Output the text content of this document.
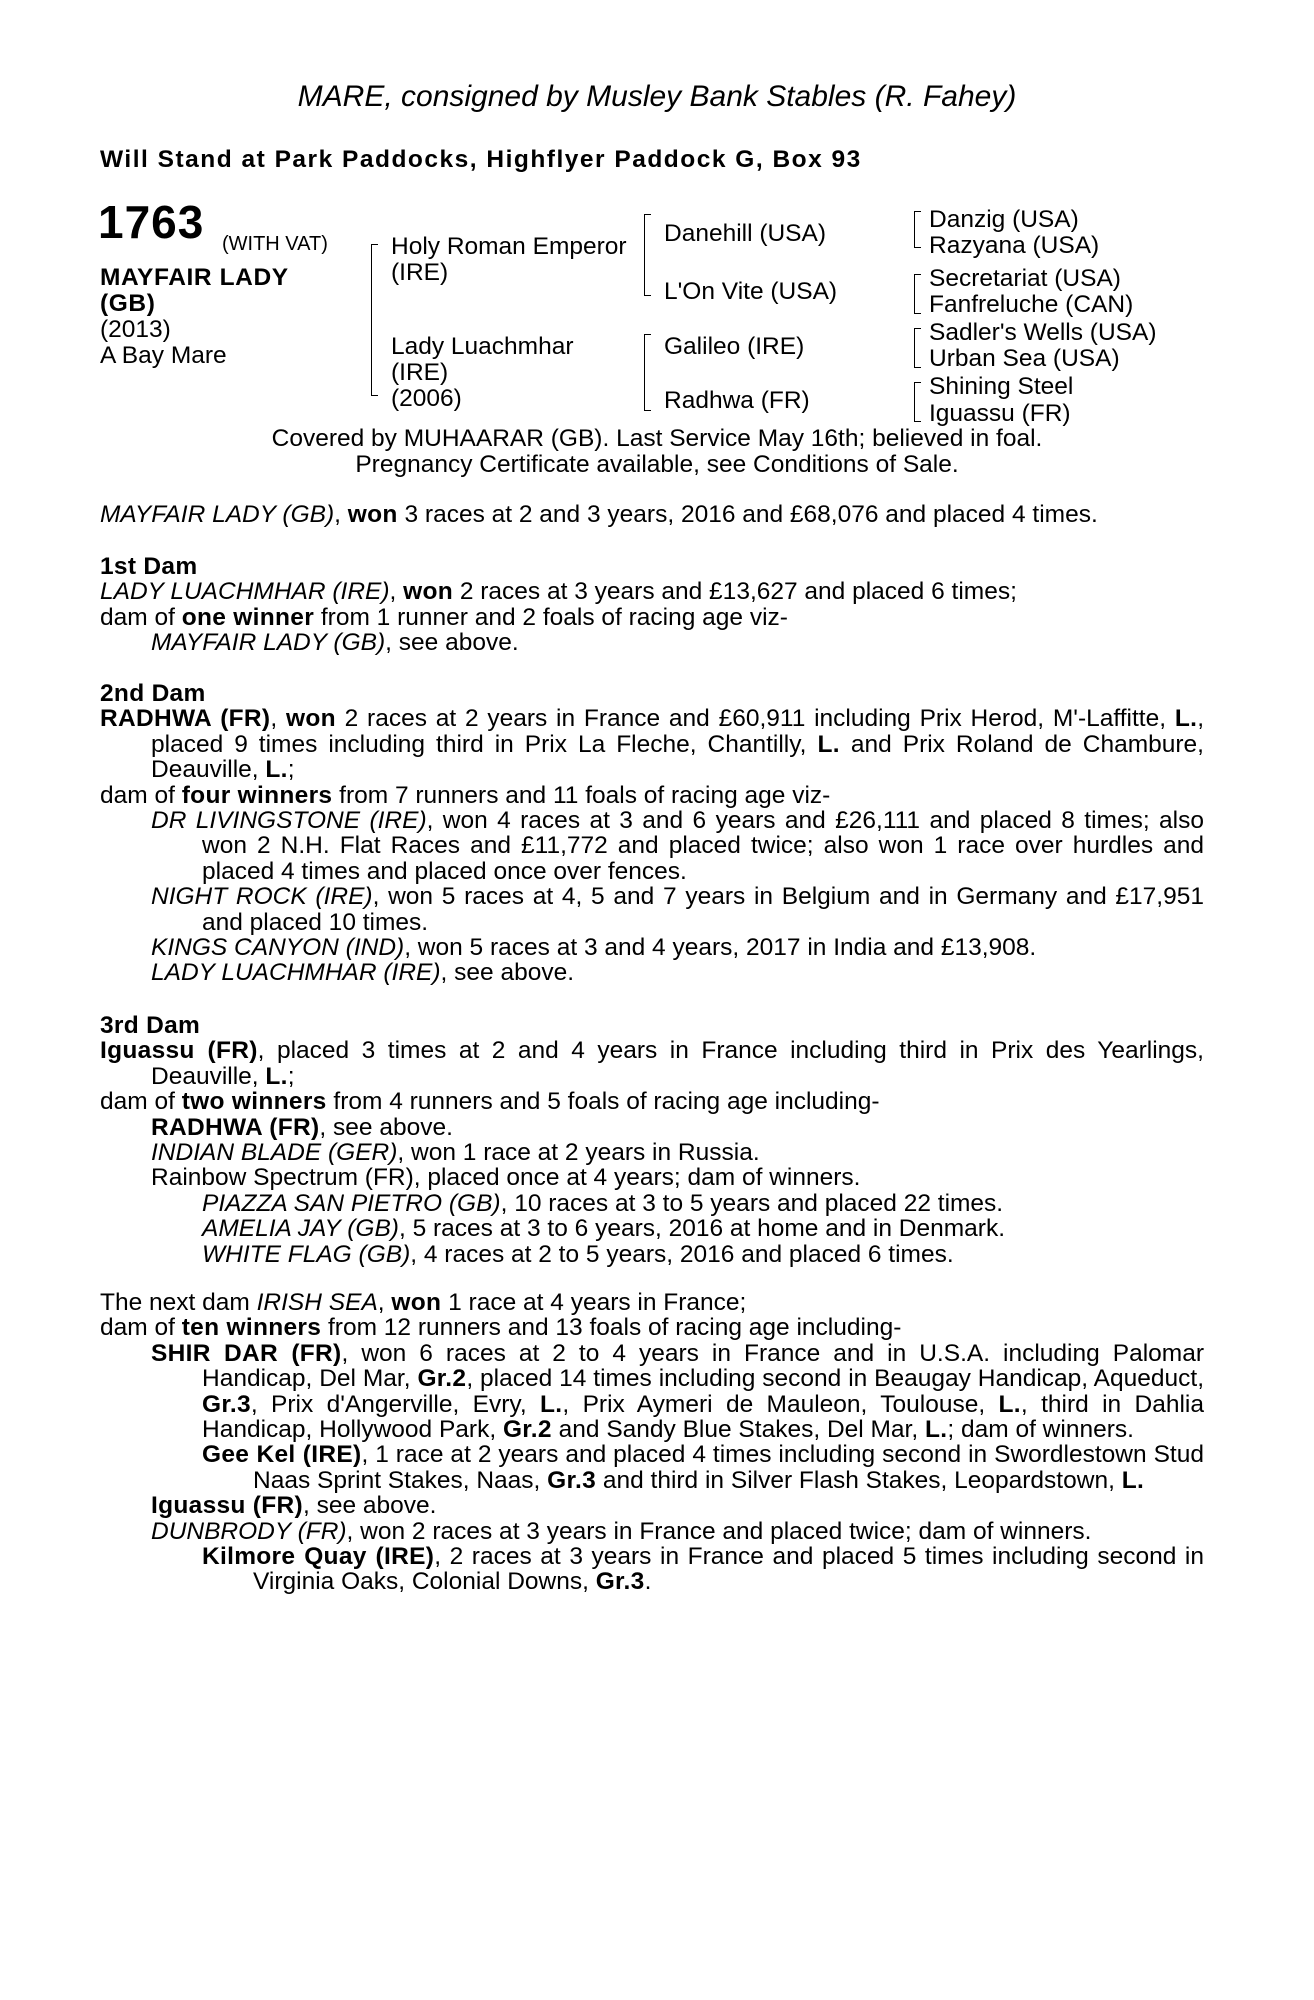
MARE, consigned by Musley Bank Stables (R. Fahey)
Will Stand at Park Paddocks, Highflyer Paddock G, Box 93
1763 (WITH VAT)
MAYFAIR LADY
(GB)
(2013)
A Bay Mare
Holy Roman Emperor
(IRE)
Lady Luachmhar
(IRE)
(2006)
Danehill (USA)
L'On Vite (USA)
Galileo (IRE)
Radhwa (FR)
Danzig (USA)
Razyana (USA)
Secretariat (USA)
Fanfreluche (CAN)
Sadler's Wells (USA)
Urban Sea (USA)
Shining Steel
Iguassu (FR)
Covered by MUHAARAR (GB). Last Service May 16th; believed in foal.
Pregnancy Certificate available, see Conditions of Sale.

MAYFAIR LADY (GB), won 3 races at 2 and 3 years, 2016 and £68,076 and placed 4 times.

1st Dam

LADY LUACHMHAR (IRE), won 2 races at 3 years and £13,627 and placed 6 times;

dam of one winner from 1 runner and 2 foals of racing age viz-

MAYFAIR LADY (GB), see above.

2nd Dam

RADHWA (FR), won 2 races at 2 years in France and £60,911 including Prix Herod, M'-Laffitte, L., placed 9 times including third in Prix La Fleche, Chantilly, L. and Prix Roland de Chambure, Deauville, L.;

dam of four winners from 7 runners and 11 foals of racing age viz-

DR LIVINGSTONE (IRE), won 4 races at 3 and 6 years and £26,111 and placed 8 times; also won 2 N.H. Flat Races and £11,772 and placed twice; also won 1 race over hurdles and placed 4 times and placed once over fences.

NIGHT ROCK (IRE), won 5 races at 4, 5 and 7 years in Belgium and in Germany and £17,951 and placed 10 times.

KINGS CANYON (IND), won 5 races at 3 and 4 years, 2017 in India and £13,908.

LADY LUACHMHAR (IRE), see above.

3rd Dam

Iguassu (FR), placed 3 times at 2 and 4 years in France including third in Prix des Yearlings, Deauville, L.;

dam of two winners from 4 runners and 5 foals of racing age including-

RADHWA (FR), see above.

INDIAN BLADE (GER), won 1 race at 2 years in Russia.

Rainbow Spectrum (FR), placed once at 4 years; dam of winners.

PIAZZA SAN PIETRO (GB), 10 races at 3 to 5 years and placed 22 times.

AMELIA JAY (GB), 5 races at 3 to 6 years, 2016 at home and in Denmark.

WHITE FLAG (GB), 4 races at 2 to 5 years, 2016 and placed 6 times.

The next dam IRISH SEA, won 1 race at 4 years in France;

dam of ten winners from 12 runners and 13 foals of racing age including-

SHIR DAR (FR), won 6 races at 2 to 4 years in France and in U.S.A. including Palomar Handicap, Del Mar, Gr.2, placed 14 times including second in Beaugay Handicap, Aqueduct, Gr.3, Prix d'Angerville, Evry, L., Prix Aymeri de Mauleon, Toulouse, L., third in Dahlia Handicap, Hollywood Park, Gr.2 and Sandy Blue Stakes, Del Mar, L.; dam of winners.

Gee Kel (IRE), 1 race at 2 years and placed 4 times including second in Swordlestown Stud Naas Sprint Stakes, Naas, Gr.3 and third in Silver Flash Stakes, Leopardstown, L.

Iguassu (FR), see above.

DUNBRODY (FR), won 2 races at 3 years in France and placed twice; dam of winners.

Kilmore Quay (IRE), 2 races at 3 years in France and placed 5 times including second in Virginia Oaks, Colonial Downs, Gr.3.
